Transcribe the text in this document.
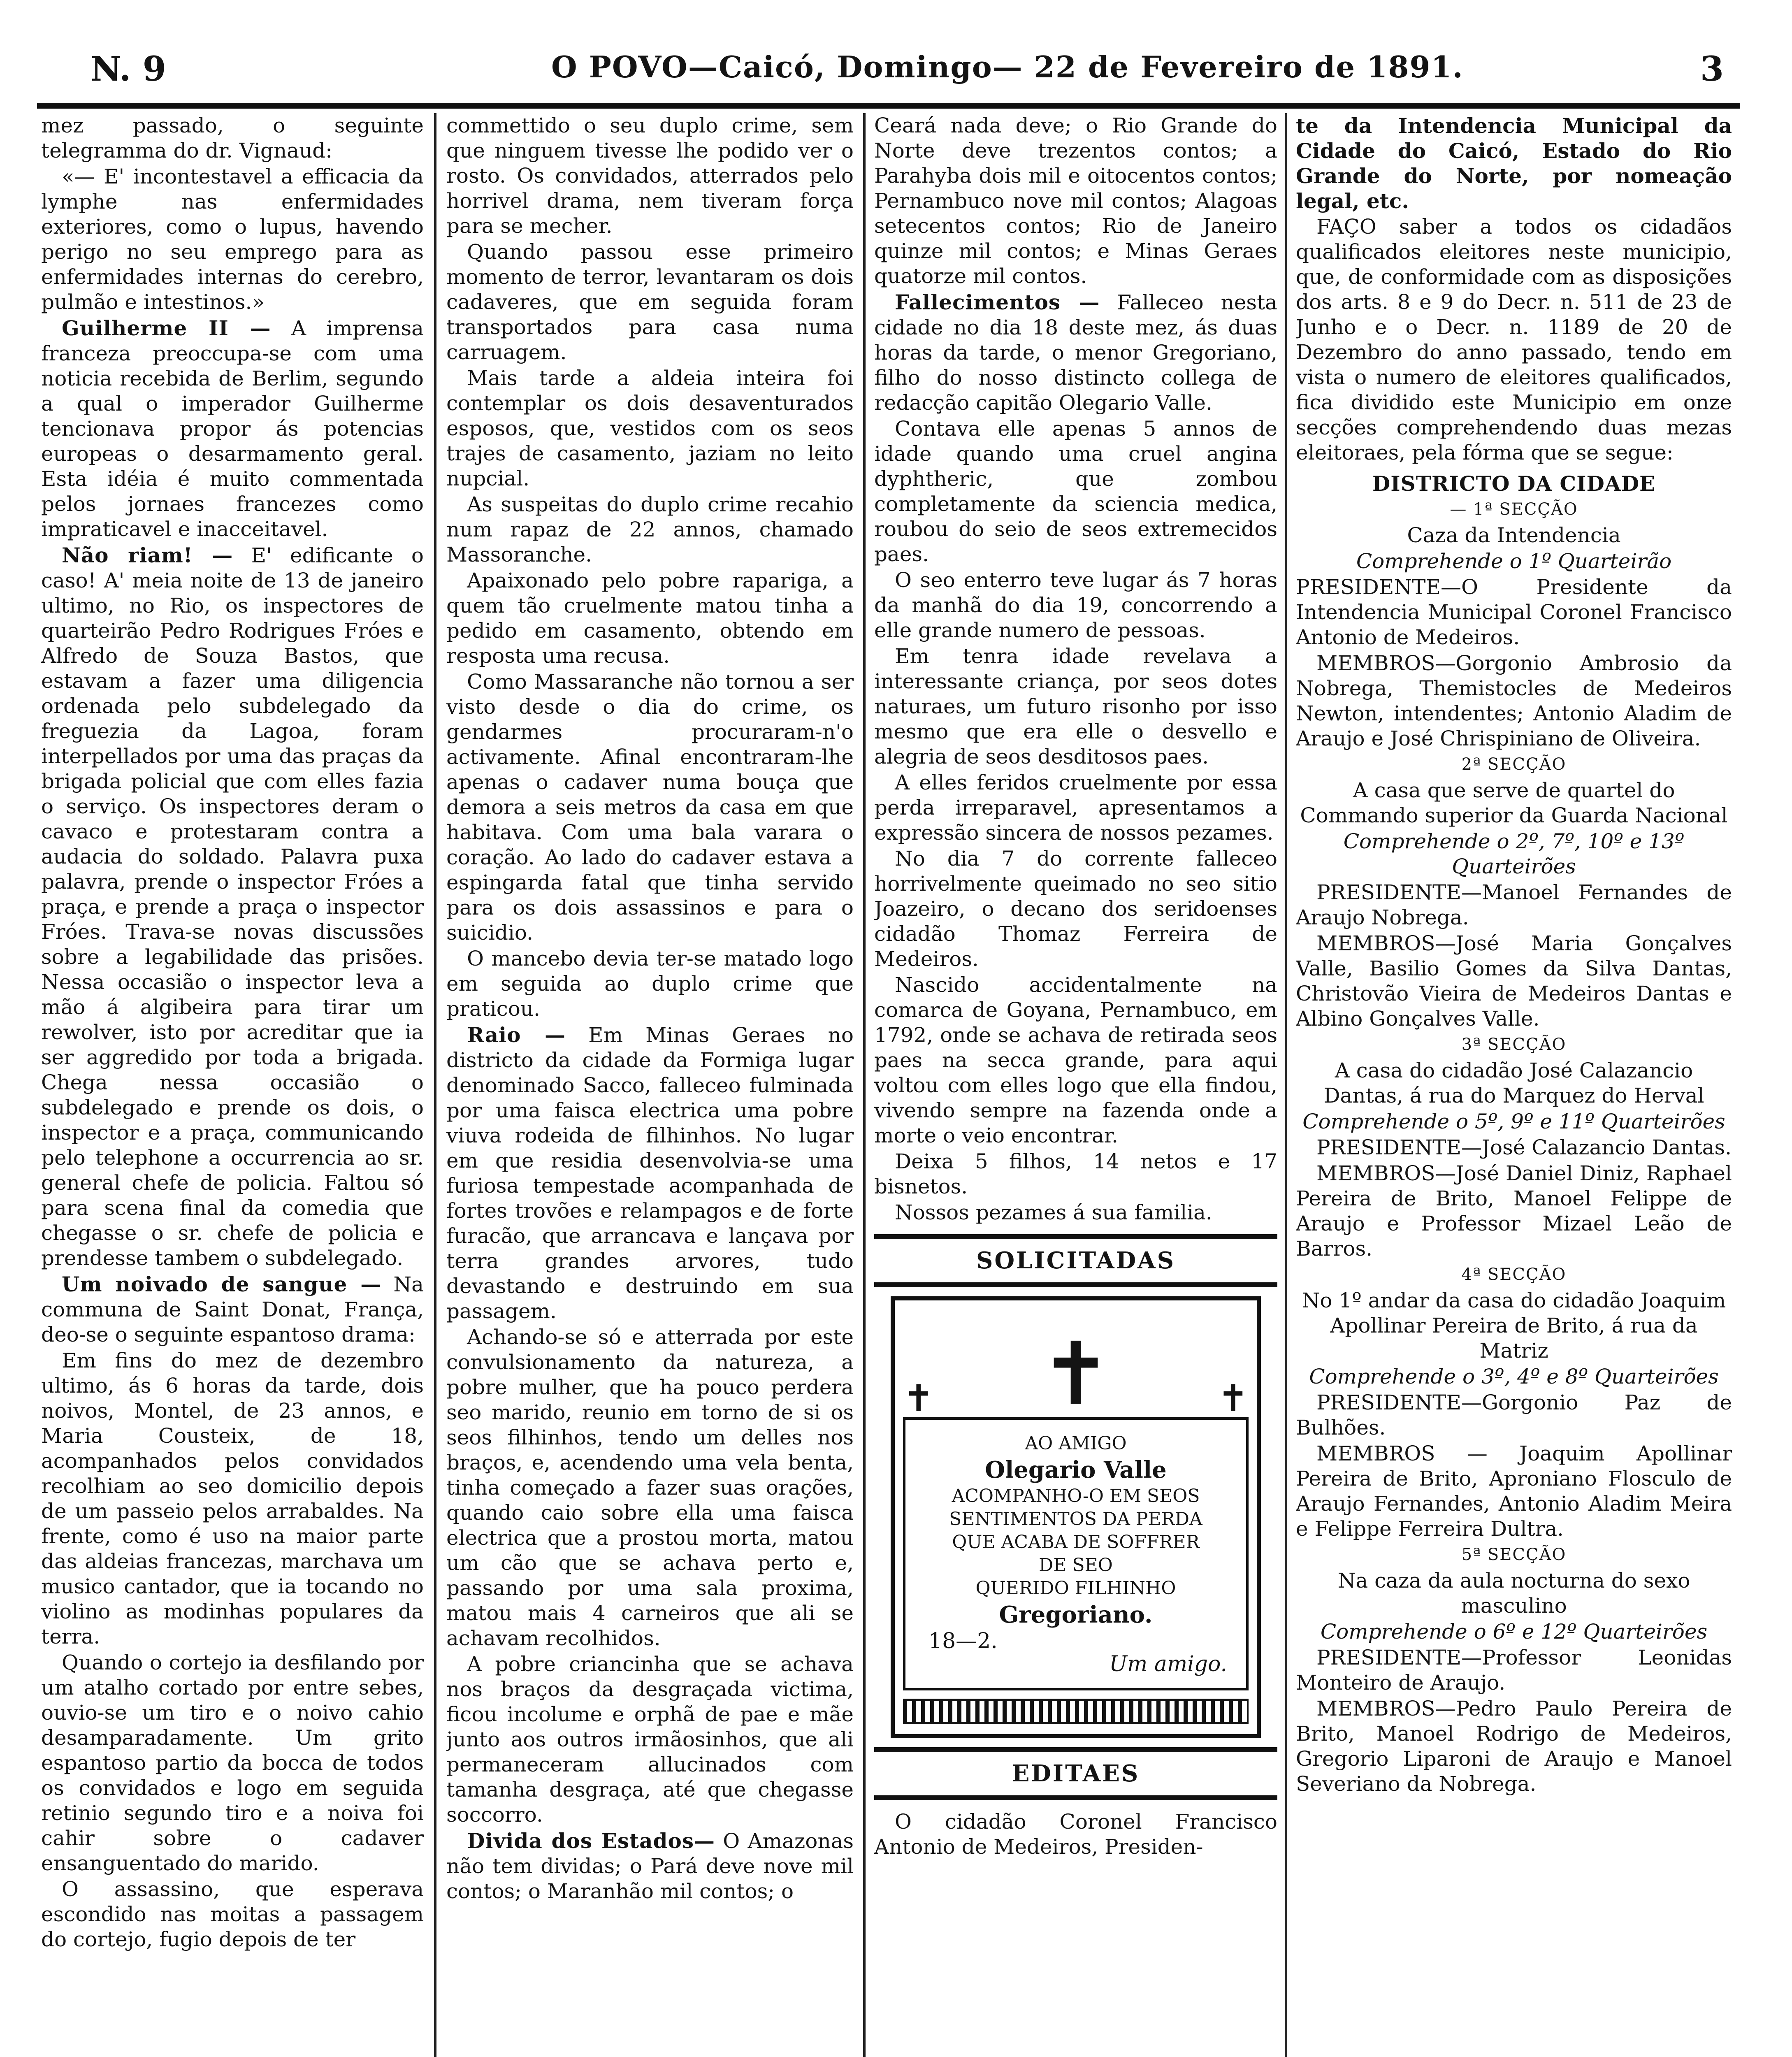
N. 9	O POVO—Caicó, Domingo— 22 de Fevereiro de 1891.	3

mez passado, o seguinte telegramma do dr. Vignaud:

«— E' incontestavel a efficacia da lymphe nas enfermidades exteriores, como o lupus, havendo perigo no seu emprego para as enfermidades internas do cerebro, pulmão e intestinos.»

Guilherme II — A imprensa franceza preoccupa-se com uma noticia recebida de Berlim, segundo a qual o imperador Guilherme tencionava propor ás potencias europeas o desarmamento geral. Esta idéia é muito commentada pelos jornaes francezes como impraticavel e inacceitavel.

Não riam! — E' edificante o caso! A' meia noite de 13 de janeiro ultimo, no Rio, os inspectores de quarteirão Pedro Rodrigues Fróes e Alfredo de Souza Bastos, que estavam a fazer uma diligencia ordenada pelo subdelegado da freguezia da Lagoa, foram interpellados por uma das praças da brigada policial que com elles fazia o serviço. Os inspectores deram o cavaco e protestaram contra a audacia do soldado. Palavra puxa palavra, prende o inspector Fróes a praça, e prende a praça o inspector Fróes. Trava-se novas discussões sobre a legabilidade das prisões. Nessa occasião o inspector leva a mão á algibeira para tirar um rewolver, isto por acreditar que ia ser aggredido por toda a brigada. Chega nessa occasião o subdelegado e prende os dois, o inspector e a praça, communicando pelo telephone a occurrencia ao sr. general chefe de policia. Faltou só para scena final da comedia que chegasse o sr. chefe de policia e prendesse tambem o subdelegado.

Um noivado de sangue — Na communa de Saint Donat, França, deo-se o seguinte espantoso drama:

Em fins do mez de dezembro ultimo, ás 6 horas da tarde, dois noivos, Montel, de 23 annos, e Maria Cousteix, de 18, acompanhados pelos convidados recolhiam ao seo domicilio depois de um passeio pelos arrabaldes. Na frente, como é uso na maior parte das aldeias francezas, marchava um musico cantador, que ia tocando no violino as modinhas populares da terra.

Quando o cortejo ia desfilando por um atalho cortado por entre sebes, ouvio-se um tiro e o noivo cahio desamparadamente. Um grito espantoso partio da bocca de todos os convidados e logo em seguida retinio segundo tiro e a noiva foi cahir sobre o cadaver ensanguentado do marido.

O assassino, que esperava escondido nas moitas a passagem do cortejo, fugio depois de ter

commettido o seu duplo crime, sem que ninguem tivesse lhe podido ver o rosto. Os convidados, atterrados pelo horrivel drama, nem tiveram força para se mecher.

Quando passou esse primeiro momento de terror, levantaram os dois cadaveres, que em seguida foram transportados para casa numa carruagem.

Mais tarde a aldeia inteira foi contemplar os dois desaventurados esposos, que, vestidos com os seos trajes de casamento, jaziam no leito nupcial.

As suspeitas do duplo crime recahio num rapaz de 22 annos, chamado Massoranche.

Apaixonado pelo pobre rapariga, a quem tão cruelmente matou tinha a pedido em casamento, obtendo em resposta uma recusa.

Como Massaranche não tornou a ser visto desde o dia do crime, os gendarmes procuraram-n'o activamente. Afinal encontraram-lhe apenas o cadaver numa bouça que demora a seis metros da casa em que habitava. Com uma bala varara o coração. Ao lado do cadaver estava a espingarda fatal que tinha servido para os dois assassinos e para o suicidio.

O mancebo devia ter-se matado logo em seguida ao duplo crime que praticou.

Raio — Em Minas Geraes no districto da cidade da Formiga lugar denominado Sacco, falleceo fulminada por uma faisca electrica uma pobre viuva rodeida de filhinhos. No lugar em que residia desenvolvia-se uma furiosa tempestade acompanhada de fortes trovões e relampagos e de forte furacão, que arrancava e lançava por terra grandes arvores, tudo devastando e destruindo em sua passagem.

Achando-se só e atterrada por este convulsionamento da natureza, a pobre mulher, que ha pouco perdera seo marido, reunio em torno de si os seos filhinhos, tendo um delles nos braços, e, acendendo uma vela benta, tinha começado a fazer suas orações, quando caio sobre ella uma faisca electrica que a prostou morta, matou um cão que se achava perto e, passando por uma sala proxima, matou mais 4 carneiros que ali se achavam recolhidos.

A pobre criancinha que se achava nos braços da desgraçada victima, ficou incolume e orphã de pae e mãe junto aos outros irmãosinhos, que ali permaneceram allucinados com tamanha desgraça, até que chegasse soccorro.

Divida dos Estados— O Amazonas não tem dividas; o Pará deve nove mil contos; o Maranhão mil contos; o

Ceará nada deve; o Rio Grande do Norte deve trezentos contos; a Parahyba dois mil e oitocentos contos; Pernambuco nove mil contos; Alagoas setecentos contos; Rio de Janeiro quinze mil contos; e Minas Geraes quatorze mil contos.

Fallecimentos — Falleceo nesta cidade no dia 18 deste mez, ás duas horas da tarde, o menor Gregoriano, filho do nosso distincto collega de redacção capitão Olegario Valle.

Contava elle apenas 5 annos de idade quando uma cruel angina dyphtheric, que zombou completamente da sciencia medica, roubou do seio de seos extremecidos paes.

O seo enterro teve lugar ás 7 horas da manhã do dia 19, concorrendo a elle grande numero de pessoas.

Em tenra idade revelava a interessante criança, por seos dotes naturaes, um futuro risonho por isso mesmo que era elle o desvello e alegria de seos desditosos paes.

A elles feridos cruelmente por essa perda irreparavel, apresentamos a expressão sincera de nossos pezames.

No dia 7 do corrente falleceo horrivelmente queimado no seo sitio Joazeiro, o decano dos seridoenses cidadão Thomaz Ferreira de Medeiros.

Nascido accidentalmente na comarca de Goyana, Pernambuco, em 1792, onde se achava de retirada seos paes na secca grande, para aqui voltou com elles logo que ella findou, vivendo sempre na fazenda onde a morte o veio encontrar.

Deixa 5 filhos, 14 netos e 17 bisnetos.

Nossos pezames á sua familia.

SOLICITADAS

✝ ✝	✝
AO AMIGO
Olegario Valle
ACOMPANHO-O EM SEOS
SENTIMENTOS DA PERDA
QUE ACABA DE SOFFRER
DE SEO
QUERIDO FILHINHO
Gregoriano.
18—2.
Um amigo.

EDITAES

O cidadão Coronel Francisco Antonio de Medeiros, Presiden-

te da Intendencia Municipal da Cidade do Caicó, Estado do Rio Grande do Norte, por nomeação legal, etc.

FAÇO saber a todos os cidadãos qualificados eleitores neste municipio, que, de conformidade com as disposições dos arts. 8 e 9 do Decr. n. 511 de 23 de Junho e o Decr. n. 1189 de 20 de Dezembro do anno passado, tendo em vista o numero de eleitores qualificados, fica dividido este Municipio em onze secções comprehendendo duas mezas eleitoraes, pela fórma que se segue:

DISTRICTO DA CIDADE

— 1ª SECÇÃO

Caza da Intendencia

Comprehende o 1º Quarteirão

PRESIDENTE—O Presidente da Intendencia Municipal Coronel Francisco Antonio de Medeiros.

MEMBROS—Gorgonio Ambrosio da Nobrega, Themistocles de Medeiros Newton, intendentes; Antonio Aladim de Araujo e José Chrispiniano de Oliveira.

2ª SECÇÃO

A casa que serve de quartel do Commando superior da Guarda Nacional

Comprehende o 2º, 7º, 10º e 13º Quarteirões

PRESIDENTE—Manoel Fernandes de Araujo Nobrega.

MEMBROS—José Maria Gonçalves Valle, Basilio Gomes da Silva Dantas, Christovão Vieira de Medeiros Dantas e Albino Gonçalves Valle.

3ª SECÇÃO

A casa do cidadão José Calazancio Dantas, á rua do Marquez do Herval

Comprehende o 5º, 9º e 11º Quarteirões

PRESIDENTE—José Calazancio Dantas.

MEMBROS—José Daniel Diniz, Raphael Pereira de Brito, Manoel Felippe de Araujo e Professor Mizael Leão de Barros.

4ª SECÇÃO

No 1º andar da casa do cidadão Joaquim Apollinar Pereira de Brito, á rua da Matriz

Comprehende o 3º, 4º e 8º Quarteirões

PRESIDENTE—Gorgonio Paz de Bulhões.

MEMBROS — Joaquim Apollinar Pereira de Brito, Aproniano Flosculo de Araujo Fernandes, Antonio Aladim Meira e Felippe Ferreira Dultra.

5ª SECÇÃO

Na caza da aula nocturna do sexo masculino

Comprehende o 6º e 12º Quarteirões

PRESIDENTE—Professor Leonidas Monteiro de Araujo.

MEMBROS—Pedro Paulo Pereira de Brito, Manoel Rodrigo de Medeiros, Gregorio Liparoni de Araujo e Manoel Severiano da Nobrega.
